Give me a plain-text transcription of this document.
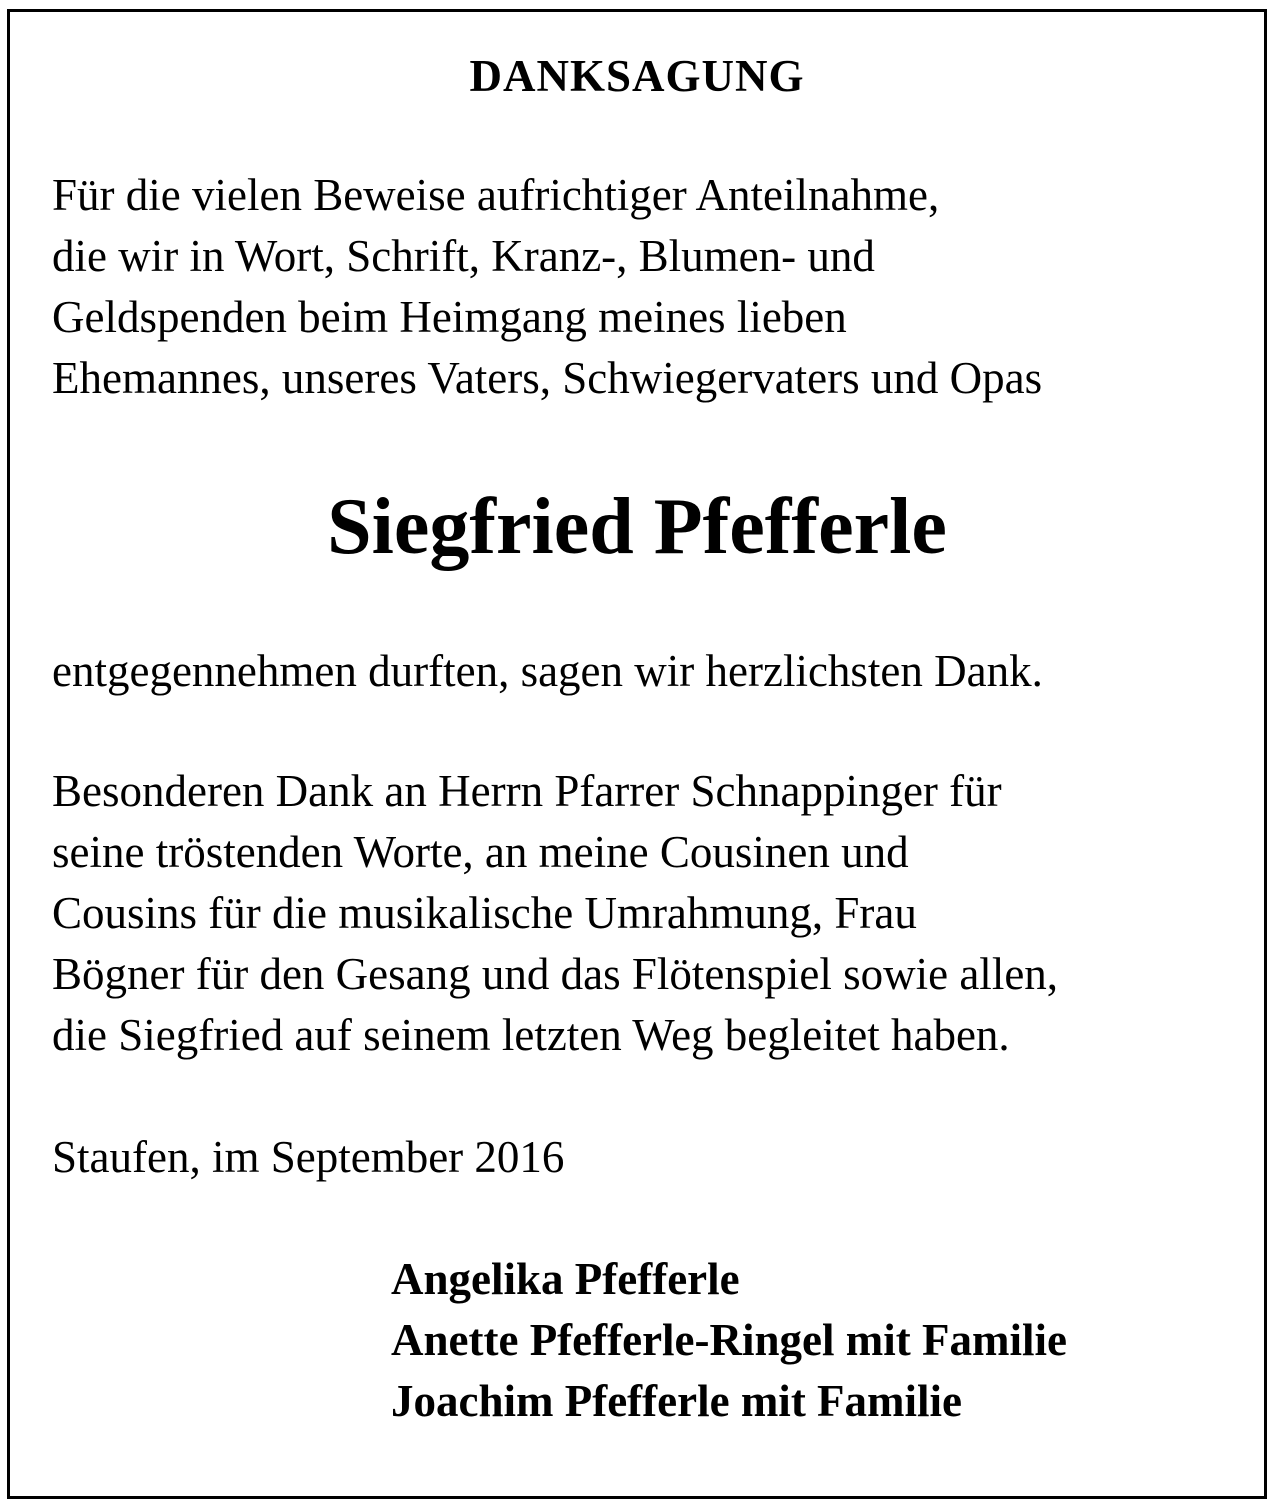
DANKSAGUNG

Für die vielen Beweise aufrichtiger Anteilnahme,
die wir in Wort, Schrift, Kranz-, Blumen- und
Geldspenden beim Heimgang meines lieben
Ehemannes, unseres Vaters, Schwiegervaters und Opas

Siegfried Pfefferle

entgegennehmen durften, sagen wir herzlichsten Dank.

Besonderen Dank an Herrn Pfarrer Schnappinger für
seine tröstenden Worte, an meine Cousinen und
Cousins für die musikalische Umrahmung, Frau
Bögner für den Gesang und das Flötenspiel sowie allen,
die Siegfried auf seinem letzten Weg begleitet haben.

Staufen, im September 2016

Angelika Pfefferle
Anette Pfefferle-Ringel mit Familie
Joachim Pfefferle mit Familie
